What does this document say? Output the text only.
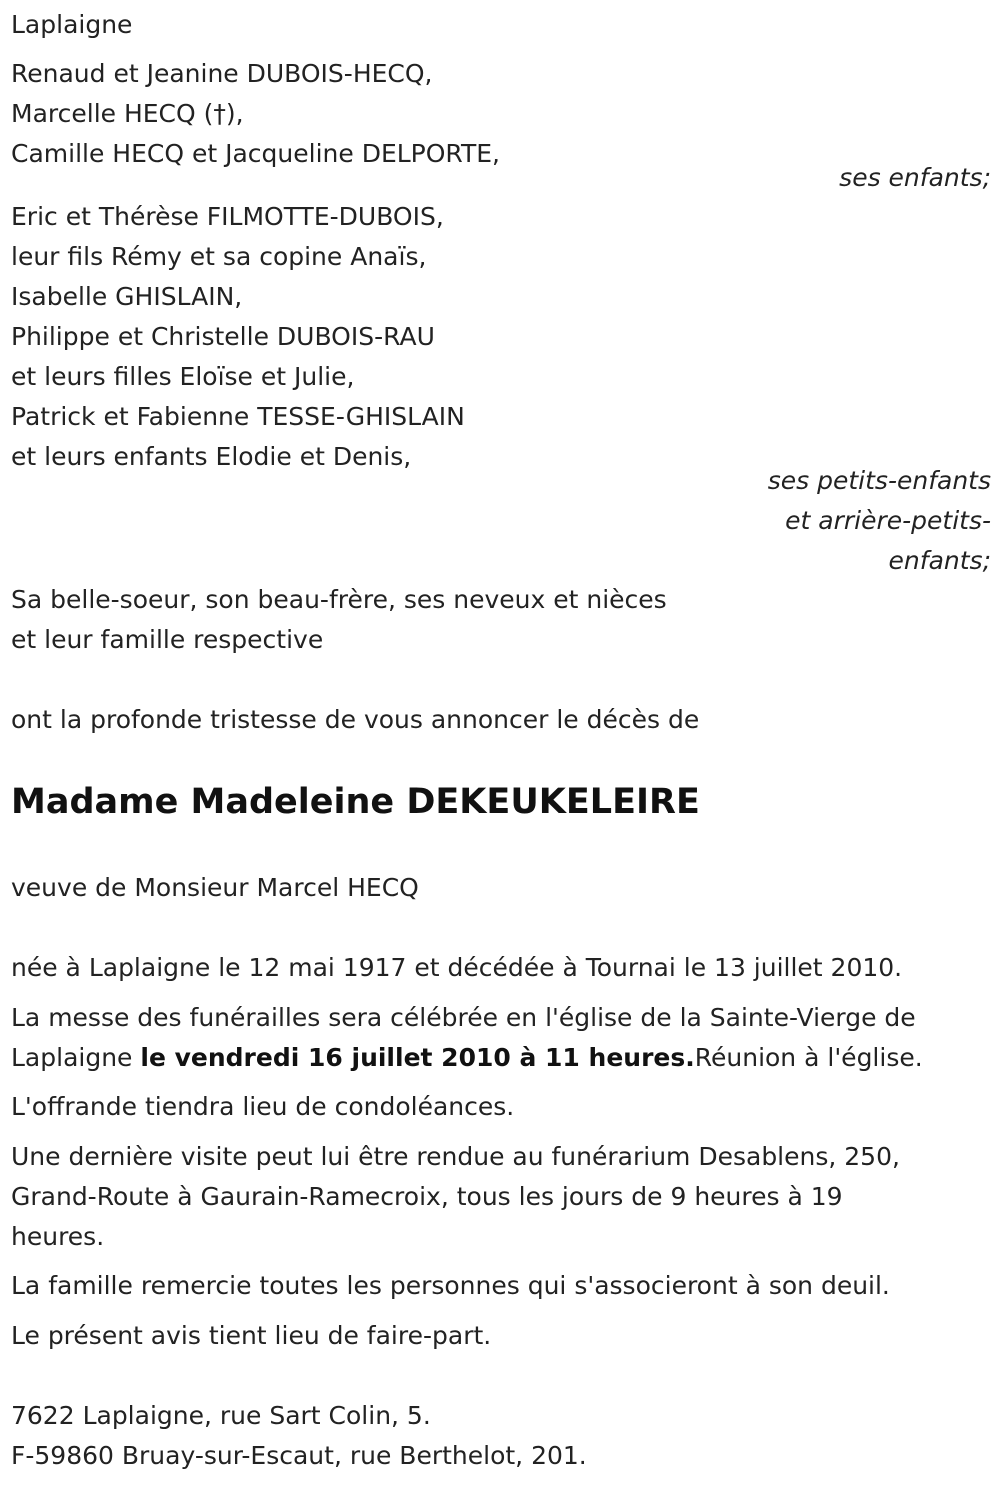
Laplaigne
Renaud et Jeanine DUBOIS-HECQ,
Marcelle HECQ (†),
Camille HECQ et Jacqueline DELPORTE,
ses enfants;
Eric et Thérèse FILMOTTE-DUBOIS,
leur fils Rémy et sa copine Anaïs,
Isabelle GHISLAIN,
Philippe et Christelle DUBOIS-RAU
et leurs filles Eloïse et Julie,
Patrick et Fabienne TESSE-GHISLAIN
et leurs enfants Elodie et Denis,
ses petits-enfants
et arrière-petits-
enfants;
Sa belle-soeur, son beau-frère, ses neveux et nièces
et leur famille respective
ont la profonde tristesse de vous annoncer le décès de
Madame Madeleine DEKEUKELEIRE
veuve de Monsieur Marcel HECQ
née à Laplaigne le 12 mai 1917 et décédée à Tournai le 13 juillet 2010.
La messe des funérailles sera célébrée en l'église de la Sainte-Vierge de
Laplaigne le vendredi 16 juillet 2010 à 11 heures.Réunion à l'église.
L'offrande tiendra lieu de condoléances.
Une dernière visite peut lui être rendue au funérarium Desablens, 250,
Grand-Route à Gaurain-Ramecroix, tous les jours de 9 heures à 19
heures.
La famille remercie toutes les personnes qui s'associeront à son deuil.
Le présent avis tient lieu de faire-part.
7622 Laplaigne, rue Sart Colin, 5.
F-59860 Bruay-sur-Escaut, rue Berthelot, 201.
